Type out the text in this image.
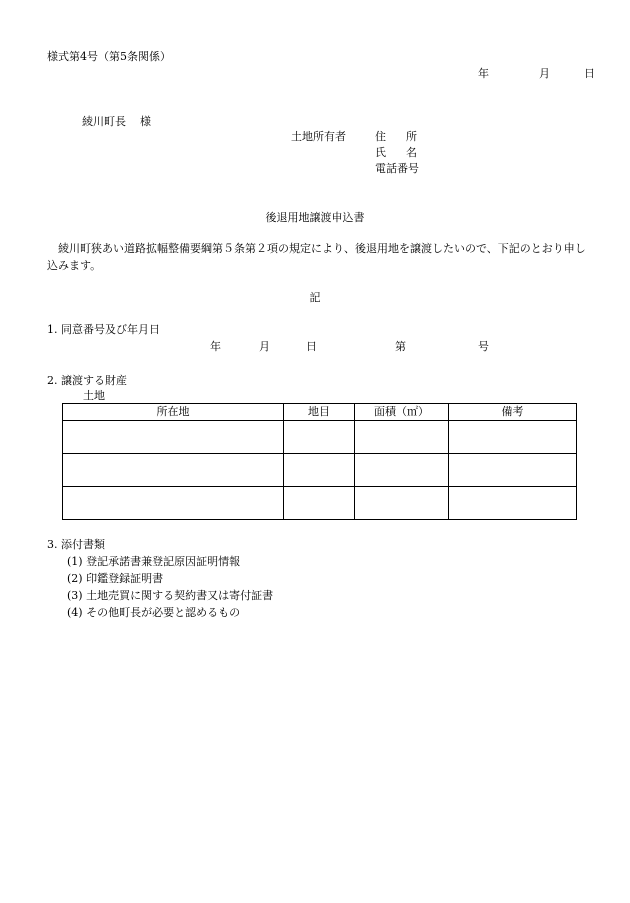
様式第4号（第5条関係）
年	月	日
綾川町長 様
土地所有者	住 所
氏 名
電話番号
後退用地譲渡申込書
綾川町狭あい道路拡幅整備要綱第５条第２項の規定により、後退用地を譲渡したいので、下記のとおり申し込みます。
記
1. 同意番号及び年月日
年	月	日	第	号
2. 譲渡する財産
土地
所在地	地目	面積（㎡）	備考

3. 添付書類
(1) 登記承諾書兼登記原因証明情報
(2) 印鑑登録証明書
(3) 土地売買に関する契約書又は寄付証書
(4) その他町長が必要と認めるもの
